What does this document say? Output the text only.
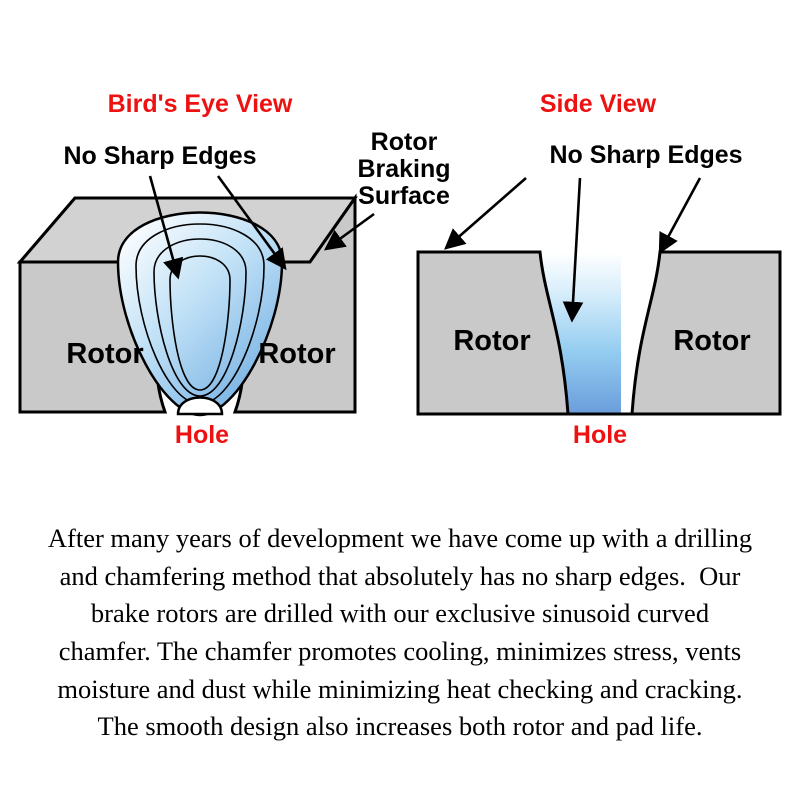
Bird's Eye View
No Sharp Edges	Rotor
Braking
Surface
Rotor	Rotor
Hole
Side View
No Sharp Edges
Rotor	Rotor
Hole
After many years of development we have come up with a drilling
and chamfering method that absolutely has no sharp edges.  Our
brake rotors are drilled with our exclusive sinusoid curved
chamfer. The chamfer promotes cooling, minimizes stress, vents
moisture and dust while minimizing heat checking and cracking.
The smooth design also increases both rotor and pad life.
